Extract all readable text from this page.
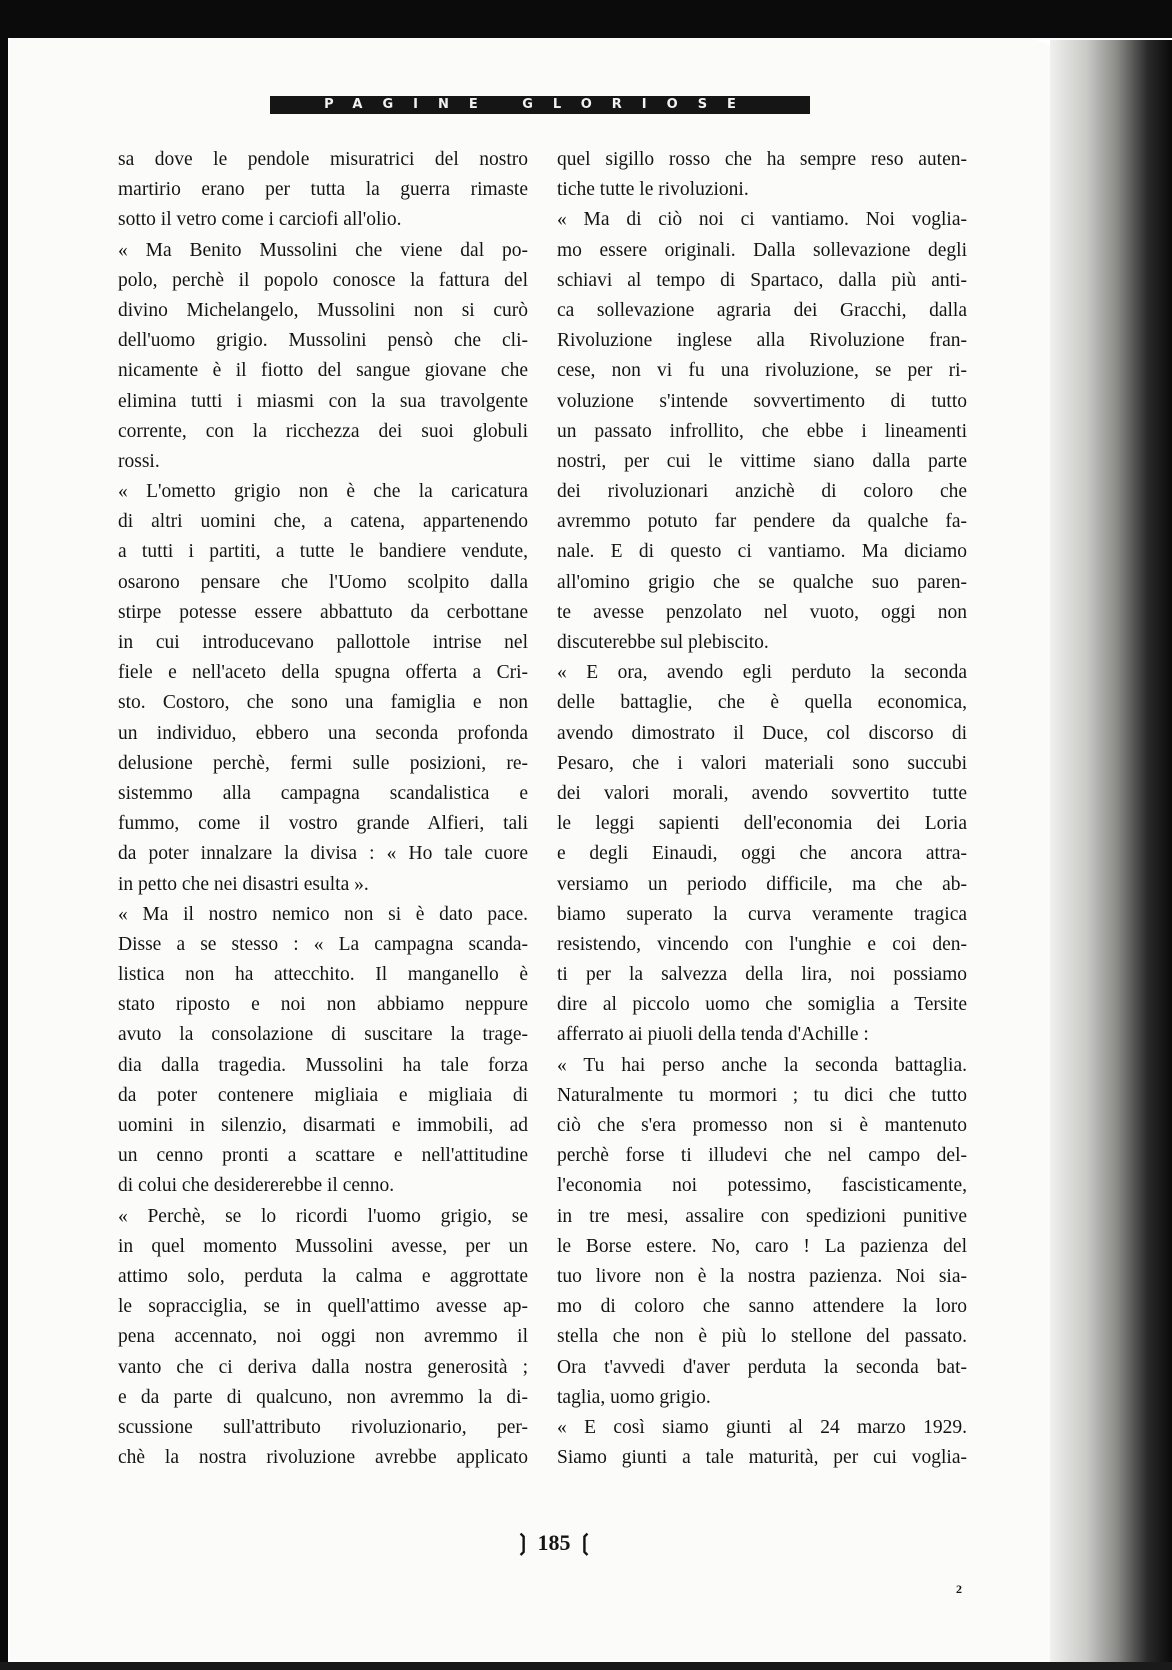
PAGINE GLORIOSE
sa dove le pendole misuratrici del nostro
martirio erano per tutta la guerra rimaste
sotto il vetro come i carciofi all'olio.
« Ma Benito Mussolini che viene dal po-
polo, perchè il popolo conosce la fattura del
divino Michelangelo, Mussolini non si curò
dell'uomo grigio. Mussolini pensò che cli-
nicamente è il fiotto del sangue giovane che
elimina tutti i miasmi con la sua travolgente
corrente, con la ricchezza dei suoi globuli
rossi.
« L'ometto grigio non è che la caricatura
di altri uomini che, a catena, appartenendo
a tutti i partiti, a tutte le bandiere vendute,
osarono pensare che l'Uomo scolpito dalla
stirpe potesse essere abbattuto da cerbottane
in cui introducevano pallottole intrise nel
fiele e nell'aceto della spugna offerta a Cri-
sto. Costoro, che sono una famiglia e non
un individuo, ebbero una seconda profonda
delusione perchè, fermi sulle posizioni, re-
sistemmo alla campagna scandalistica e
fummo, come il vostro grande Alfieri, tali
da poter innalzare la divisa : « Ho tale cuore
in petto che nei disastri esulta ».
« Ma il nostro nemico non si è dato pace.
Disse a se stesso : « La campagna scanda-
listica non ha attecchito. Il manganello è
stato riposto e noi non abbiamo neppure
avuto la consolazione di suscitare la trage-
dia dalla tragedia. Mussolini ha tale forza
da poter contenere migliaia e migliaia di
uomini in silenzio, disarmati e immobili, ad
un cenno pronti a scattare e nell'attitudine
di colui che desidererebbe il cenno.
« Perchè, se lo ricordi l'uomo grigio, se
in quel momento Mussolini avesse, per un
attimo solo, perduta la calma e aggrottate
le sopracciglia, se in quell'attimo avesse ap-
pena accennato, noi oggi non avremmo il
vanto che ci deriva dalla nostra generosità ;
e da parte di qualcuno, non avremmo la di-
scussione sull'attributo rivoluzionario, per-
chè la nostra rivoluzione avrebbe applicato
quel sigillo rosso che ha sempre reso auten-
tiche tutte le rivoluzioni.
« Ma di ciò noi ci vantiamo. Noi voglia-
mo essere originali. Dalla sollevazione degli
schiavi al tempo di Spartaco, dalla più anti-
ca sollevazione agraria dei Gracchi, dalla
Rivoluzione inglese alla Rivoluzione fran-
cese, non vi fu una rivoluzione, se per ri-
voluzione s'intende sovvertimento di tutto
un passato infrollito, che ebbe i lineamenti
nostri, per cui le vittime siano dalla parte
dei rivoluzionari anzichè di coloro che
avremmo potuto far pendere da qualche fa-
nale. E di questo ci vantiamo. Ma diciamo
all'omino grigio che se qualche suo paren-
te avesse penzolato nel vuoto, oggi non
discuterebbe sul plebiscito.
« E ora, avendo egli perduto la seconda
delle battaglie, che è quella economica,
avendo dimostrato il Duce, col discorso di
Pesaro, che i valori materiali sono succubi
dei valori morali, avendo sovvertito tutte
le leggi sapienti dell'economia dei Loria
e degli Einaudi, oggi che ancora attra-
versiamo un periodo difficile, ma che ab-
biamo superato la curva veramente tragica
resistendo, vincendo con l'unghie e coi den-
ti per la salvezza della lira, noi possiamo
dire al piccolo uomo che somiglia a Tersite
afferrato ai piuoli della tenda d'Achille :
« Tu hai perso anche la seconda battaglia.
Naturalmente tu mormori ; tu dici che tutto
ciò che s'era promesso non si è mantenuto
perchè forse ti illudevi che nel campo del-
l'economia noi potessimo, fascisticamente,
in tre mesi, assalire con spedizioni punitive
le Borse estere. No, caro ! La pazienza del
tuo livore non è la nostra pazienza. Noi sia-
mo di coloro che sanno attendere la loro
stella che non è più lo stellone del passato.
Ora t'avvedi d'aver perduta la seconda bat-
taglia, uomo grigio.
« E così siamo giunti al 24 marzo 1929.
Siamo giunti a tale maturità, per cui voglia-
❳ 185 ❲
2
